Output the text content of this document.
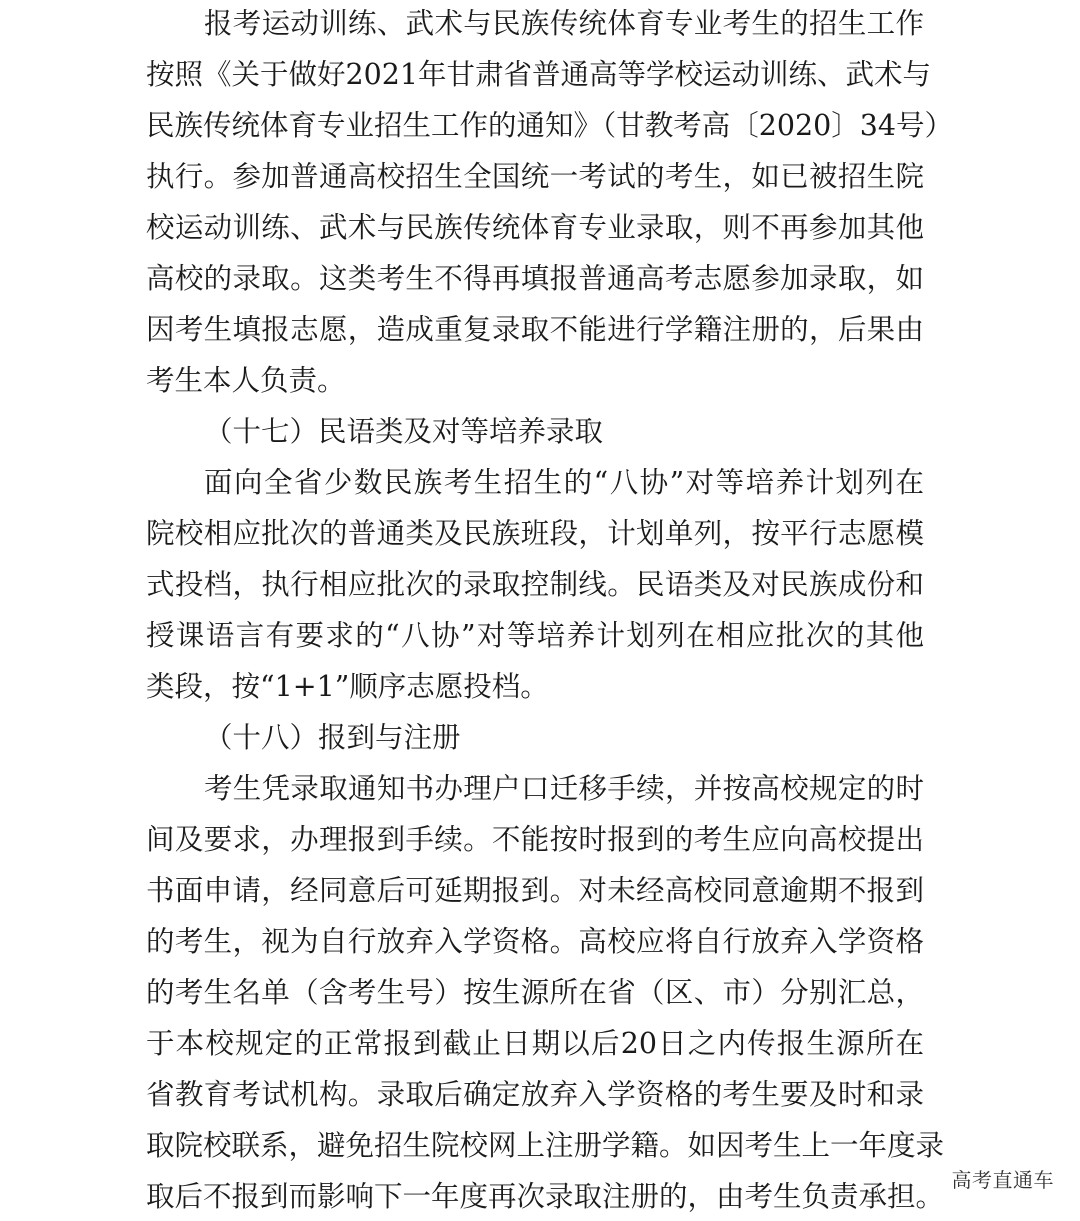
报考运动训练、武术与民族传统体育专业考生的招生工作
按照《关于做好2021年甘肃省普通高等学校运动训练、武术与
民族传统体育专业招生工作的通知》（甘教考高〔2020〕34号）
执行。参加普通高校招生全国统一考试的考生，如已被招生院
校运动训练、武术与民族传统体育专业录取，则不再参加其他
高校的录取。这类考生不得再填报普通高考志愿参加录取，如
因考生填报志愿，造成重复录取不能进行学籍注册的，后果由
考生本人负责。
（十七）民语类及对等培养录取
面向全省少数民族考生招生的“八协”对等培养计划列在
院校相应批次的普通类及民族班段，计划单列，按平行志愿模
式投档，执行相应批次的录取控制线。民语类及对民族成份和
授课语言有要求的“八协”对等培养计划列在相应批次的其他
类段，按“1+1”顺序志愿投档。
（十八）报到与注册
考生凭录取通知书办理户口迁移手续，并按高校规定的时
间及要求，办理报到手续。不能按时报到的考生应向高校提出
书面申请，经同意后可延期报到。对未经高校同意逾期不报到
的考生，视为自行放弃入学资格。高校应将自行放弃入学资格
的考生名单（含考生号）按生源所在省（区、市）分别汇总，
于本校规定的正常报到截止日期以后20日之内传报生源所在
省教育考试机构。录取后确定放弃入学资格的考生要及时和录
取院校联系，避免招生院校网上注册学籍。如因考生上一年度录
取后不报到而影响下一年度再次录取注册的，由考生负责承担。 高考直通车
